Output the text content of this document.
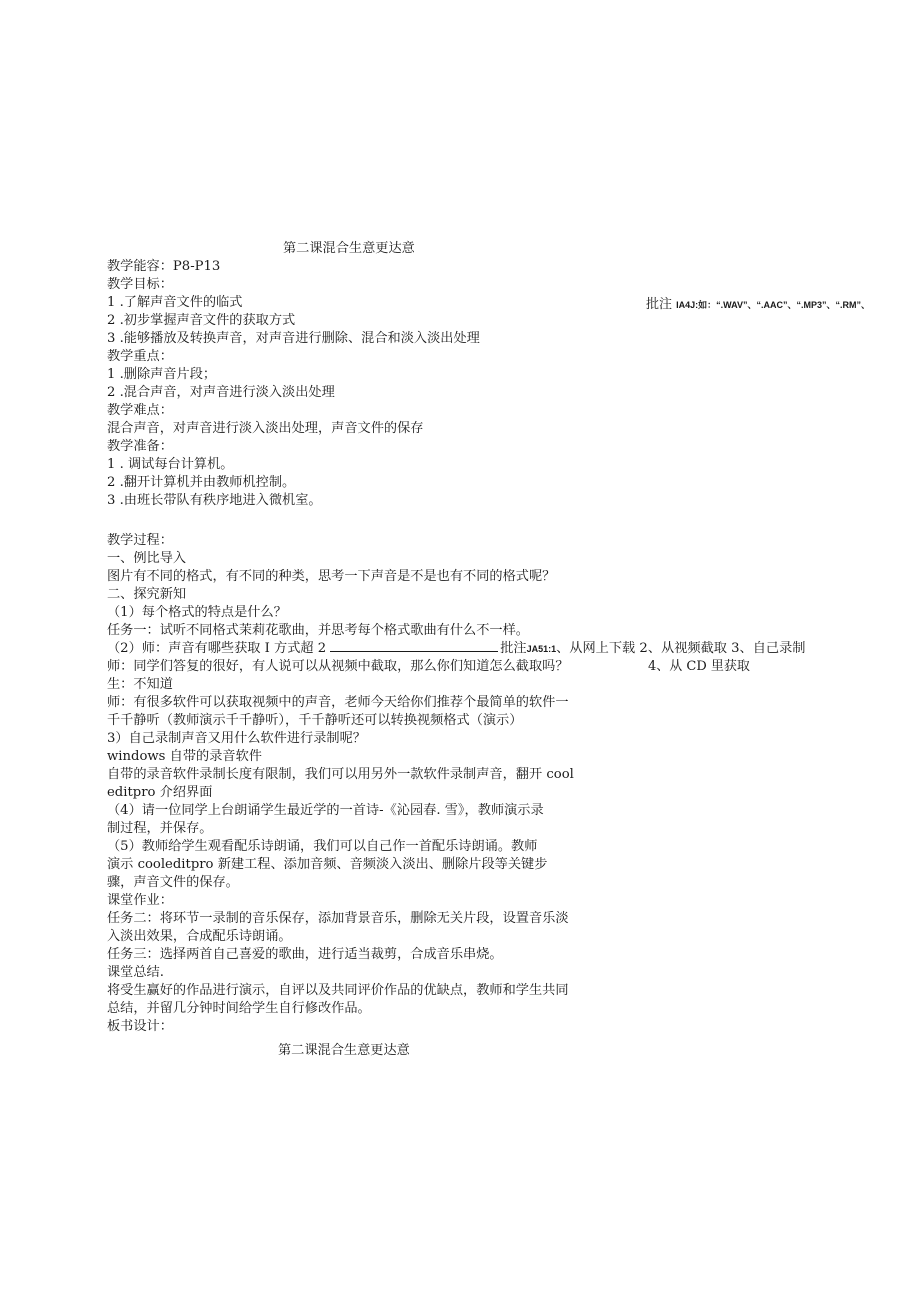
第二课混合生意更达意
教学能容：P8-P13
教学目标：
1 .了解声音文件的临式
2 .初步掌握声音文件的获取方式
3 .能够播放及转换声音，对声音进行删除、混合和淡入淡出处理
教学重点：
1 .删除声音片段；
2 .混合声音，对声音进行淡入淡出处理
教学难点：
混合声音，对声音进行淡入淡出处理，声音文件的保存
教学准备：
1 . 调试每台计算机。
2 .翻开计算机并由教师机控制。
3 .由班长带队有秩序地进入微机室。
教学过程：
一、例比导入
图片有不同的格式，有不同的种类，思考一下声音是不是也有不同的格式呢？
二、探究新知
（1）每个格式的特点是什么？
任务一：试听不同格式茉莉花歌曲，并思考每个格式歌曲有什么不一样。
（2）师：声音有哪些获取 I 方式超 2	批注JA51:1、从网上下载 2、从视频截取 3、自己录制
师：同学们答复的很好，有人说可以从视频中截取，那么你们知道怎么截取吗？	4、从 CD 里获取
生：不知道
师：有很多软件可以获取视频中的声音，老师今天给你们推荐个最简单的软件一
千千静听（教师演示千千静听），千千静听还可以转换视频格式（演示）
3）自己录制声音又用什么软件进行录制呢？
windows 自带的录音软件
自带的录音软件录制长度有限制，我们可以用另外一款软件录制声音，翻开 cool
editpro 介绍界面
（4）请一位同学上台朗诵学生最近学的一首诗-《沁园春. 雪》，教师演示录
制过程，并保存。
（5）教师给学生观看配乐诗朗诵，我们可以自己作一首配乐诗朗诵。教师
演示 cooleditpro 新建工程、添加音频、音频淡入淡出、删除片段等关键步
骤，声音文件的保存。
课堂作业：
任务二：将环节一录制的音乐保存，添加背景音乐，删除无关片段，设置音乐淡
入淡出效果，合成配乐诗朗诵。
任务三：选择两首自己喜爱的歌曲，进行适当裁剪，合成音乐串烧。
课堂总结.
将受生赢好的作品进行演示，自评以及共同评价作品的优缺点，教师和学生共同
总结，并留几分钟时间给学生自行修改作品。
板书设计：
第二课混合生意更达意
批注 IA4J:如：“.WAV”、“.AAC”、“.MP3”、“.RM”、
